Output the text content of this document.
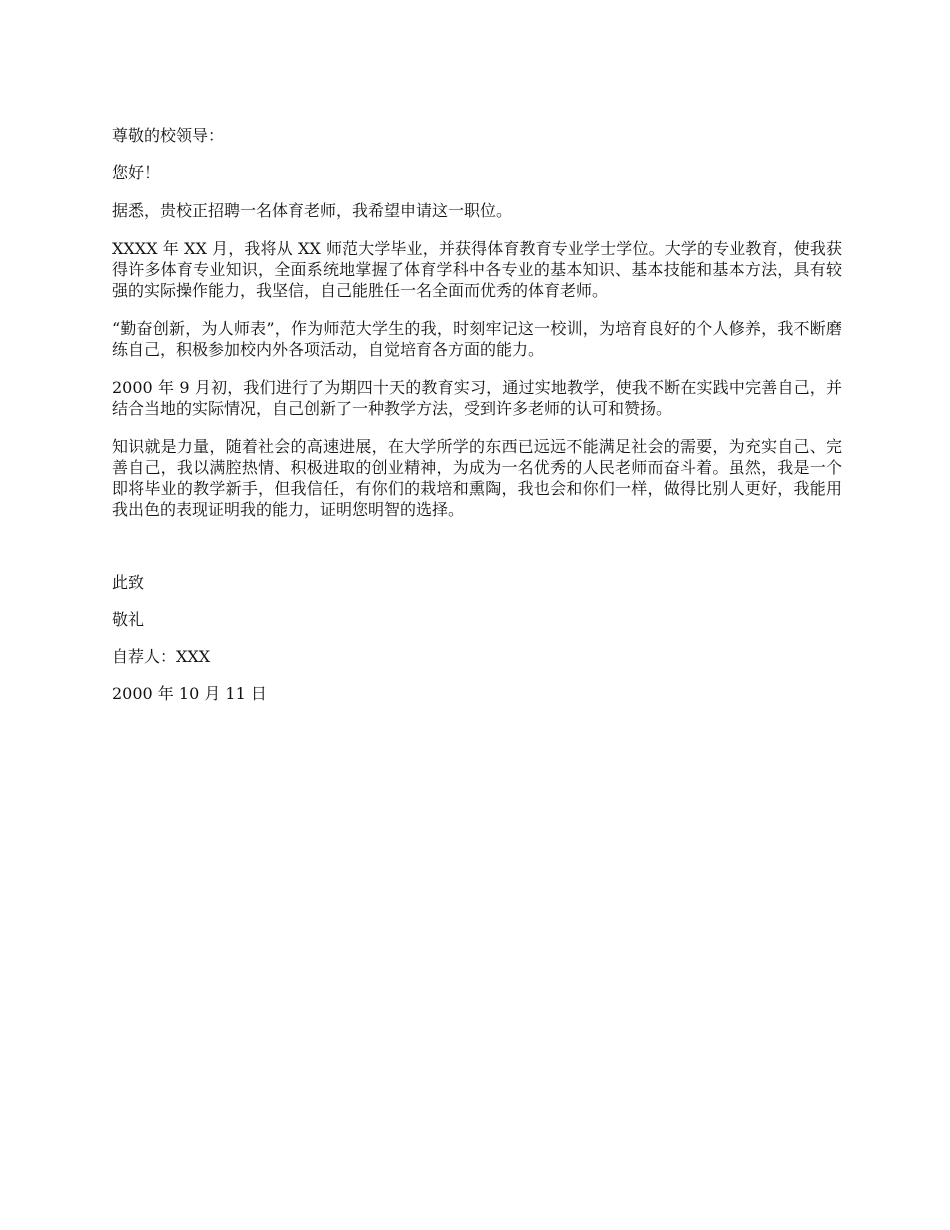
尊敬的校领导：

您好！

据悉，贵校正招聘一名体育老师，我希望申请这一职位。

XXXX 年 XX 月，我将从 XX 师范大学毕业，并获得体育教育专业学士学位。大学的专业教育，使我获得许多体育专业知识，全面系统地掌握了体育学科中各专业的基本知识、基本技能和基本方法，具有较强的实际操作能力，我坚信，自己能胜任一名全面而优秀的体育老师。

“勤奋创新，为人师表”，作为师范大学生的我，时刻牢记这一校训，为培育良好的个人修养，我不断磨练自己，积极参加校内外各项活动，自觉培育各方面的能力。

2000 年 9 月初，我们进行了为期四十天的教育实习，通过实地教学，使我不断在实践中完善自己，并结合当地的实际情况，自己创新了一种教学方法，受到许多老师的认可和赞扬。

知识就是力量，随着社会的高速进展，在大学所学的东西已远远不能满足社会的需要，为充实自己、完善自己，我以满腔热情、积极进取的创业精神，为成为一名优秀的人民老师而奋斗着。虽然，我是一个即将毕业的教学新手，但我信任，有你们的栽培和熏陶，我也会和你们一样，做得比别人更好，我能用我出色的表现证明我的能力，证明您明智的选择。

此致

敬礼

自荐人：XXX

2000 年 10 月 11 日
